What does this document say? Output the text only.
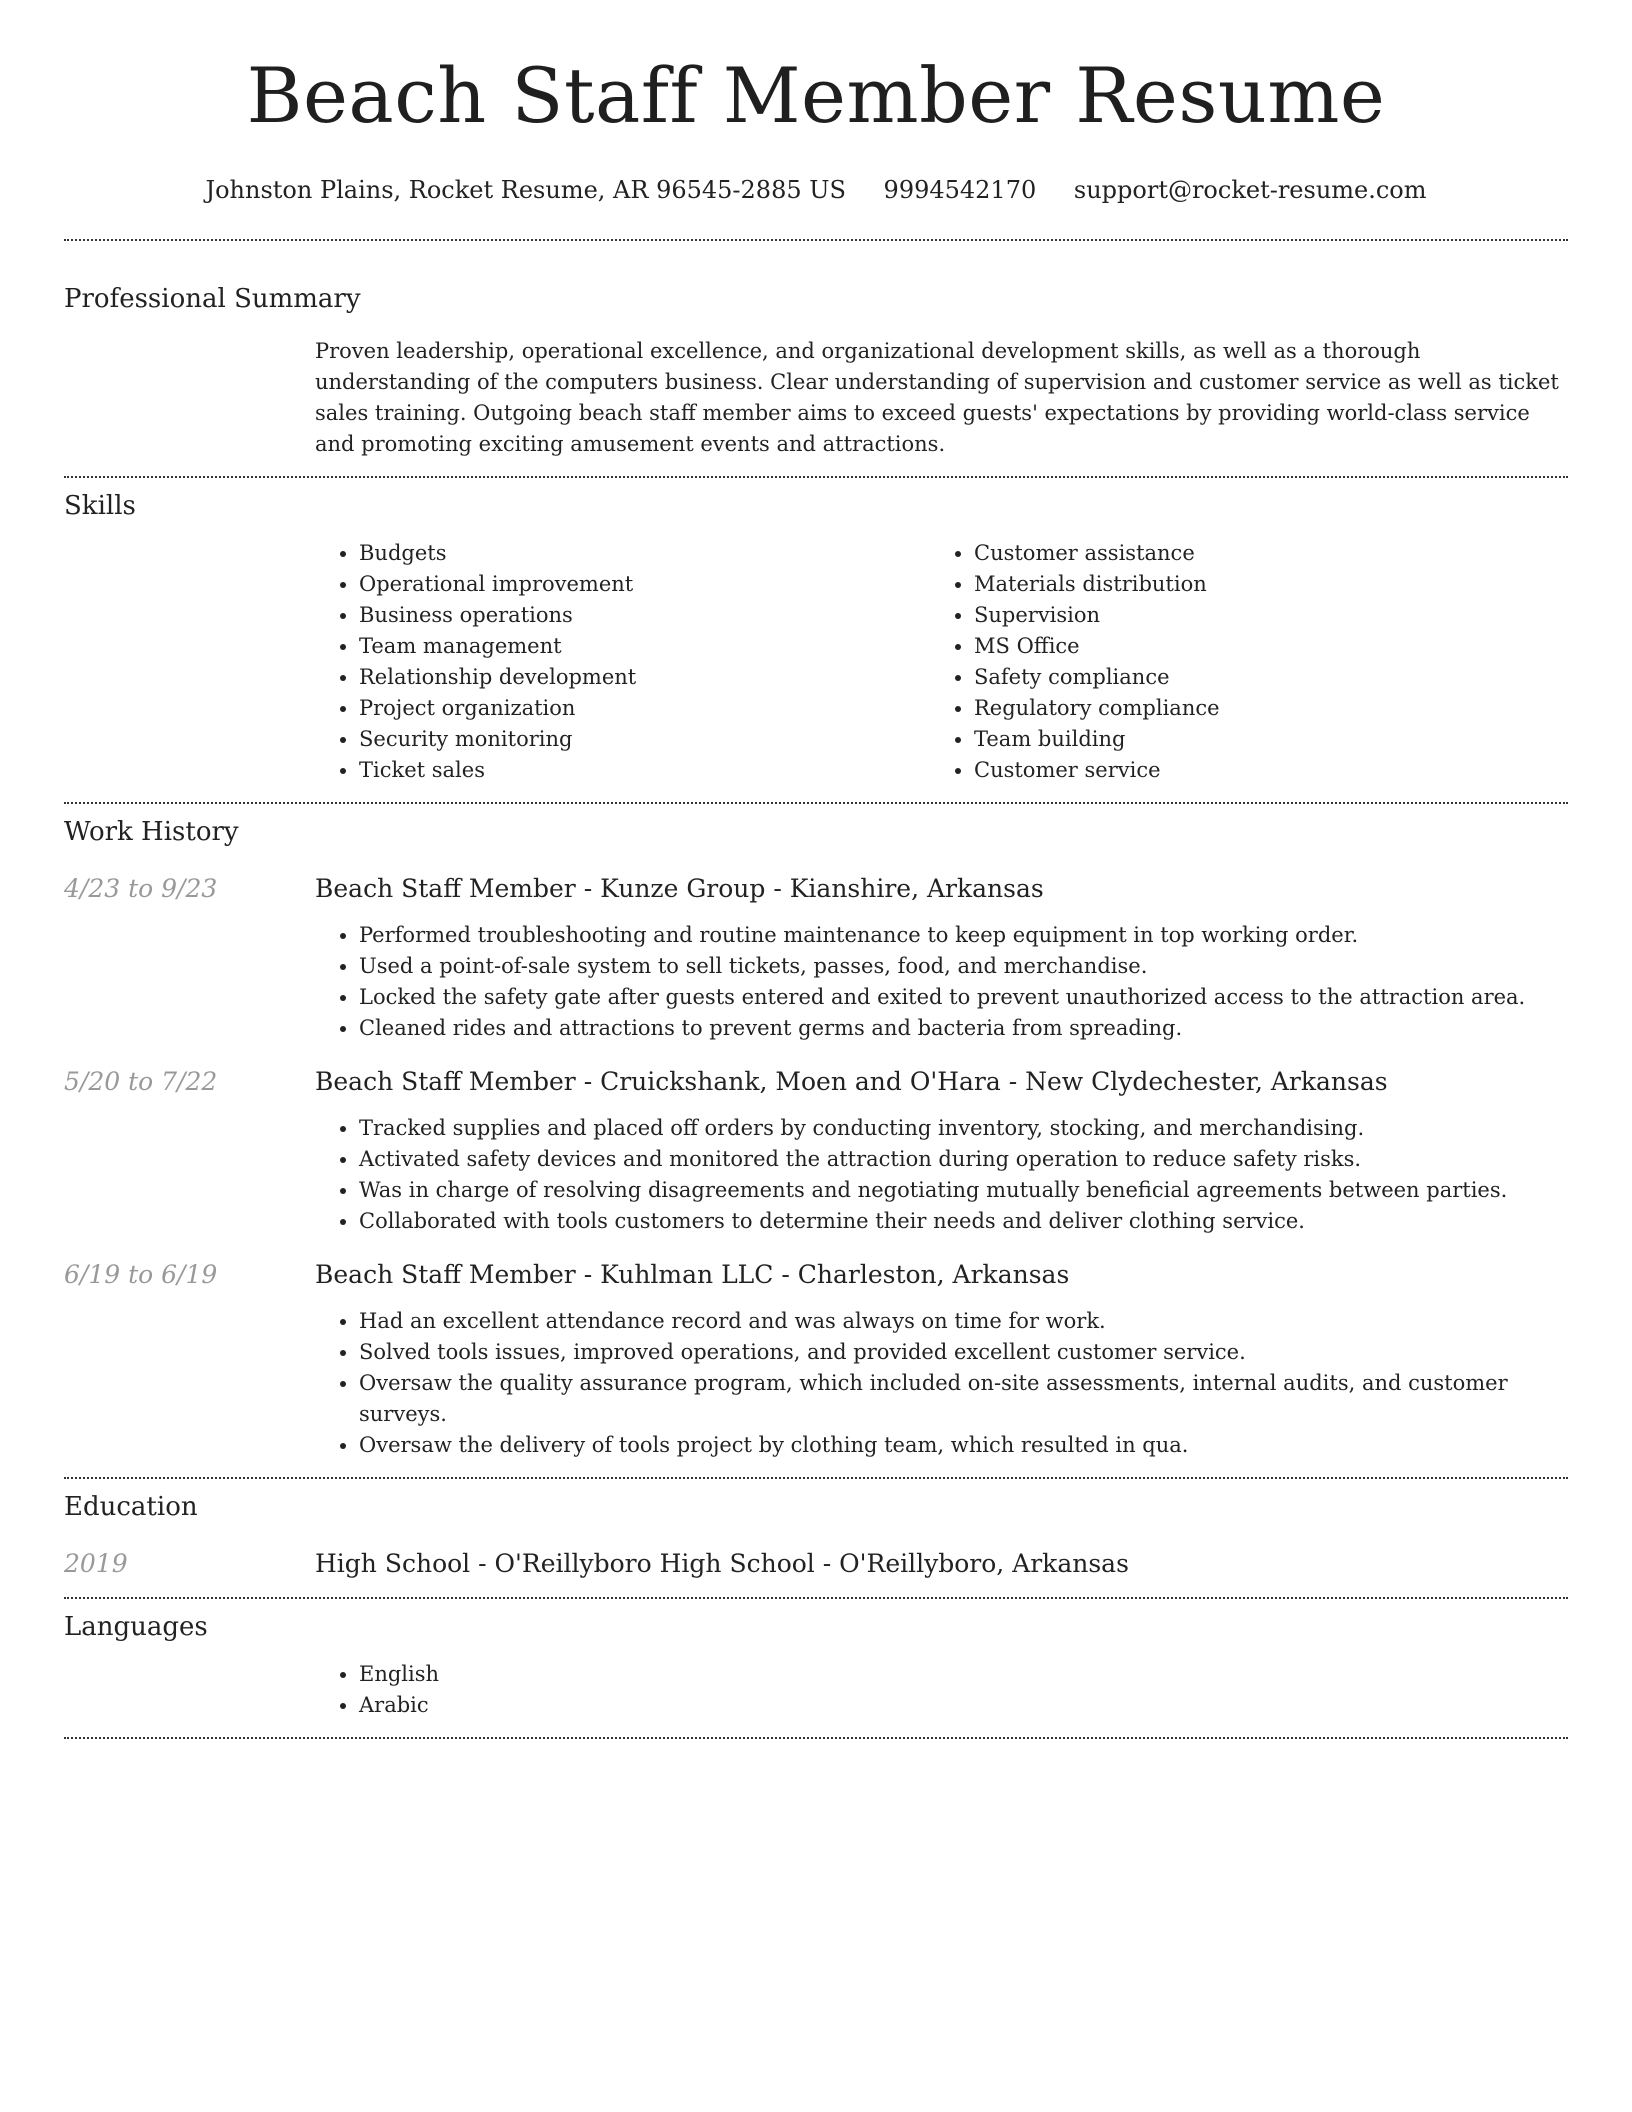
Beach Staff Member Resume
Johnston Plains, Rocket Resume, AR 96545-2885 US 9994542170 support@rocket-resume.com
Professional Summary
Proven leadership, operational excellence, and organizational development skills, as well as a thorough understanding of the computers business. Clear understanding of supervision and customer service as well as ticket sales training. Outgoing beach staff member aims to exceed guests' expectations by providing world-class service and promoting exciting amusement events and attractions.
Skills
• Budgets
• Operational improvement
• Business operations
• Team management
• Relationship development
• Project organization
• Security monitoring
• Ticket sales
• Customer assistance
• Materials distribution
• Supervision
• MS Office
• Safety compliance
• Regulatory compliance
• Team building
• Customer service
Work History
4/23 to 9/23	Beach Staff Member - Kunze Group - Kianshire, Arkansas
• Performed troubleshooting and routine maintenance to keep equipment in top working order.
• Used a point-of-sale system to sell tickets, passes, food, and merchandise.
• Locked the safety gate after guests entered and exited to prevent unauthorized access to the attraction area.
• Cleaned rides and attractions to prevent germs and bacteria from spreading.
5/20 to 7/22	Beach Staff Member - Cruickshank, Moen and O'Hara - New Clydechester, Arkansas
• Tracked supplies and placed off orders by conducting inventory, stocking, and merchandising.
• Activated safety devices and monitored the attraction during operation to reduce safety risks.
• Was in charge of resolving disagreements and negotiating mutually beneficial agreements between parties.
• Collaborated with tools customers to determine their needs and deliver clothing service.
6/19 to 6/19	Beach Staff Member - Kuhlman LLC - Charleston, Arkansas
• Had an excellent attendance record and was always on time for work.
• Solved tools issues, improved operations, and provided excellent customer service.
• Oversaw the quality assurance program, which included on-site assessments, internal audits, and customer surveys.
• Oversaw the delivery of tools project by clothing team, which resulted in qua.
Education
2019	High School - O'Reillyboro High School - O'Reillyboro, Arkansas
Languages
• English
• Arabic
